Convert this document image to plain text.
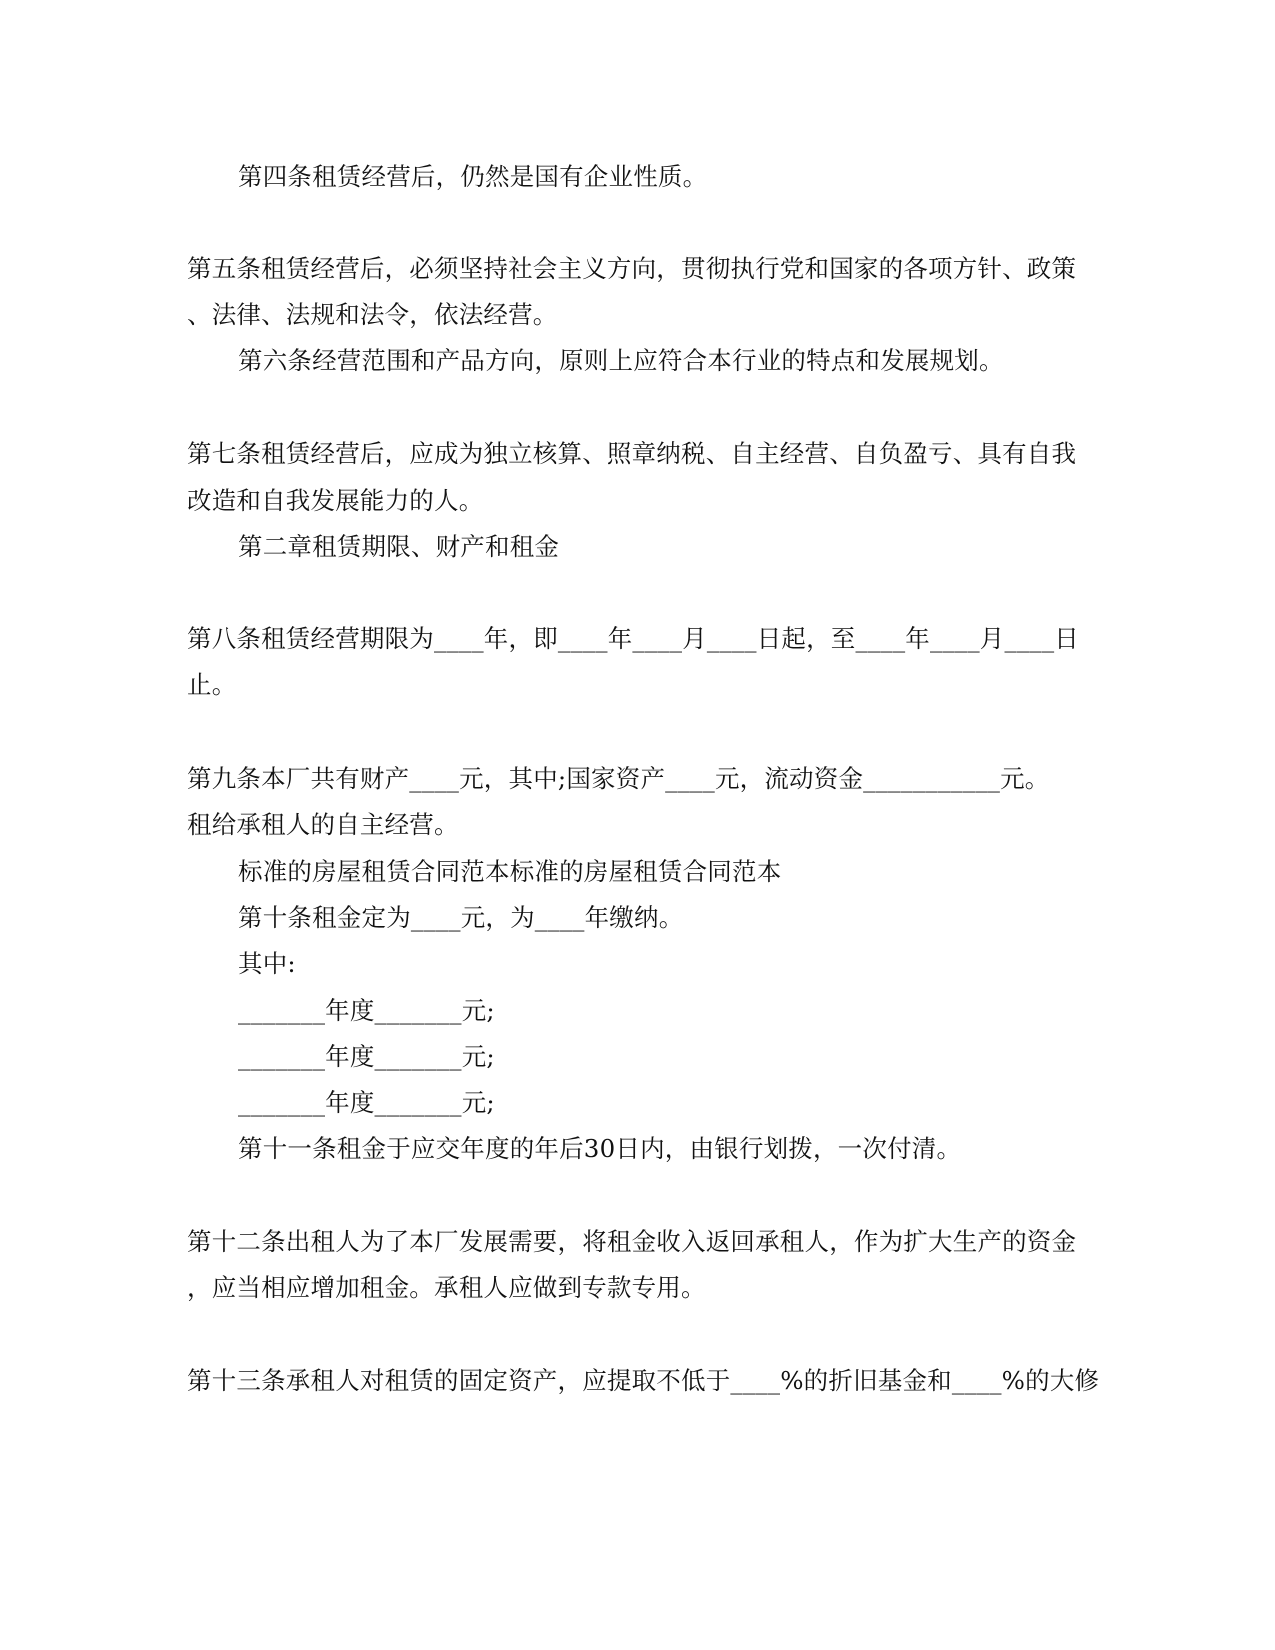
第四条租赁经营后，仍然是国有企业性质。
第五条租赁经营后，必须坚持社会主义方向，贯彻执行党和国家的各项方针、政策
、法律、法规和法令，依法经营。
第六条经营范围和产品方向，原则上应符合本行业的特点和发展规划。
第七条租赁经营后，应成为独立核算、照章纳税、自主经营、自负盈亏、具有自我
改造和自我发展能力的人。
第二章租赁期限、财产和租金
第八条租赁经营期限为____年，即____年____月____日起，至____年____月____日
止。
第九条本厂共有财产____元，其中;国家资产____元，流动资金___________元。
租给承租人的自主经营。
标准的房屋租赁合同范本标准的房屋租赁合同范本
第十条租金定为____元，为____年缴纳。
其中:
_______年度_______元;
_______年度_______元;
_______年度_______元;
第十一条租金于应交年度的年后30日内，由银行划拨，一次付清。
第十二条出租人为了本厂发展需要，将租金收入返回承租人，作为扩大生产的资金
，应当相应增加租金。承租人应做到专款专用。
第十三条承租人对租赁的固定资产，应提取不低于____%的折旧基金和____%的大修
